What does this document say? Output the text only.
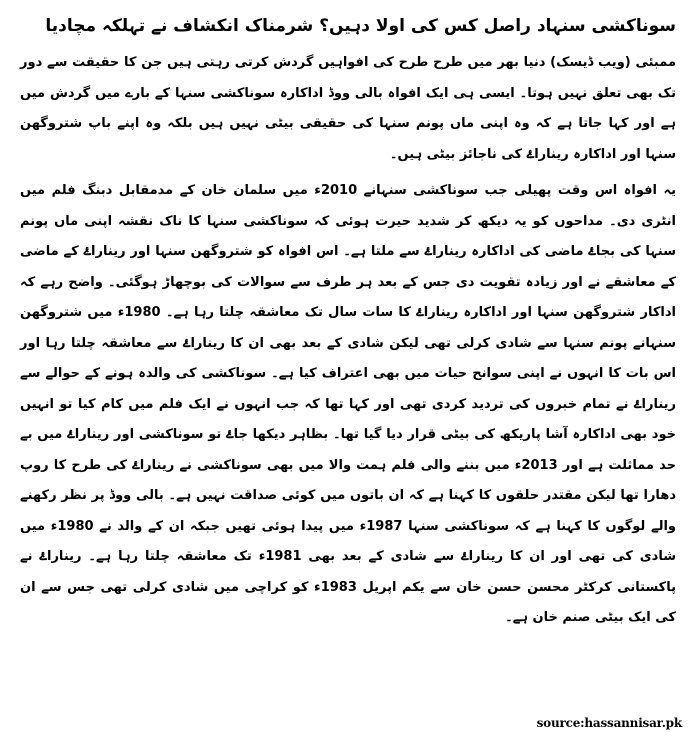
سوناکشی سنہاد راصل کس کی اولا دہیں؟ شرمناک انکشاف نے تہلکہ مچادیا

ممبئی (ویب ڈیسک) دنیا بھر میں طرح طرح کی افواہیں گردش کرتی رہتی ہیں جن کا حقیقت سے دور تک بھی تعلق نہیں ہوتا۔ ایسی ہی ایک افواہ بالی ووڈ اداکارہ سوناکشی سنہا کے بارے میں گردش میں ہے اور کہا جاتا ہے کہ وہ اپنی ماں پونم سنہا کی حقیقی بیٹی نہیں ہیں بلکہ وہ اپنے باپ شتروگھن سنہا اور اداکارہ ریناراۓ کی ناجائز بیٹی ہیں۔

یہ افواہ اس وقت پھیلی جب سوناکشی سنہانے 2010ء میں سلمان خان کے مدمقابل دبنگ فلم میں انٹری دی۔ مداحوں کو یہ دیکھ کر شدید حیرت ہوئی کہ سوناکشی سنہا کا ناک نقشہ اپنی ماں پونم سنہا کی بجاۓ ماضی کی اداکارہ ریناراۓ سے ملتا ہے۔ اس افواہ کو شتروگھن سنہا اور ریناراۓ کے ماضی کے معاشقے نے اور زیادہ تقویت دی جس کے بعد ہر طرف سے سوالات کی بوچھاڑ ہوگئی۔ واضح رہے کہ اداکار شتروگھن سنہا اور اداکارہ ریناراۓ کا سات سال تک معاشقہ چلتا رہا ہے۔ 1980ء میں شتروگھن سنہانے پونم سنہا سے شادی کرلی تھی لیکن شادی کے بعد بھی ان کا ریناراۓ سے معاشقہ چلتا رہا اور اس بات کا انہوں نے اپنی سوانح حیات میں بھی اعتراف کیا ہے۔ سوناکشی کی والدہ ہونے کے حوالے سے ریناراۓ نے تمام خبروں کی تردید کردی تھی اور کہا تھا کہ جب انہوں نے ایک فلم میں کام کیا تو انہیں خود بھی اداکارہ آشا پاریکھ کی بیٹی قرار دیا گیا تھا۔ بظاہر دیکھا جاۓ تو سوناکشی اور ریناراۓ میں بے حد مماثلت ہے اور 2013ء میں بننے والی فلم ہمت والا میں بھی سوناکشی نے ریناراۓ کی طرح کا روپ دھارا تھا لیکن مقتدر حلقوں کا کہنا ہے کہ ان باتوں میں کوئی صداقت نہیں ہے۔ بالی ووڈ پر نظر رکھنے والے لوگوں کا کہنا ہے کہ سوناکشی سنہا 1987ء میں پیدا ہوئی تھیں جبکہ ان کے والد نے 1980ء میں شادی کی تھی اور ان کا ریناراۓ سے شادی کے بعد بھی 1981ء تک معاشقہ چلتا رہا ہے۔ ریناراۓ نے پاکستانی کرکٹر محسن حسن خان سے یکم اپریل 1983ء کو کراچی میں شادی کرلی تھی جس سے ان کی ایک بیٹی صنم خان ہے۔

source:hassannisar.pk
